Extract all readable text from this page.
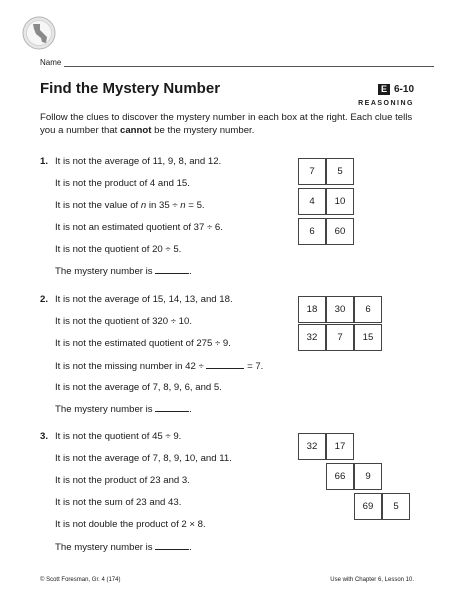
Name
Find the Mystery Number	E 6-10
REASONING

Follow the clues to discover the mystery number in each box at the right. Each clue tells you a number that cannot be the mystery number.

1. It is not the average of 11, 9, 8, and 12.
It is not the product of 4 and 15.
It is not the value of n in 35 ÷ n = 5.
It is not an estimated quotient of 37 ÷ 6.
It is not the quotient of 20 ÷ 5.
The mystery number is	.
7	5
4	10
6	60
2. It is not the average of 15, 14, 13, and 18.
It is not the quotient of 320 ÷ 10.
It is not the estimated quotient of 275 ÷ 9.
It is not the missing number in 42 ÷	= 7.
It is not the average of 7, 8, 9, 6, and 5.
The mystery number is	.
18	30	6
32	7	15
3. It is not the quotient of 45 ÷ 9.
It is not the average of 7, 8, 9, 10, and 11.
It is not the product of 23 and 3.
It is not the sum of 23 and 43.
It is not double the product of 2 × 8.
The mystery number is	.
32	17
66	9
69	5
© Scott Foresman, Gr. 4 (174)	Use with Chapter 6, Lesson 10.
